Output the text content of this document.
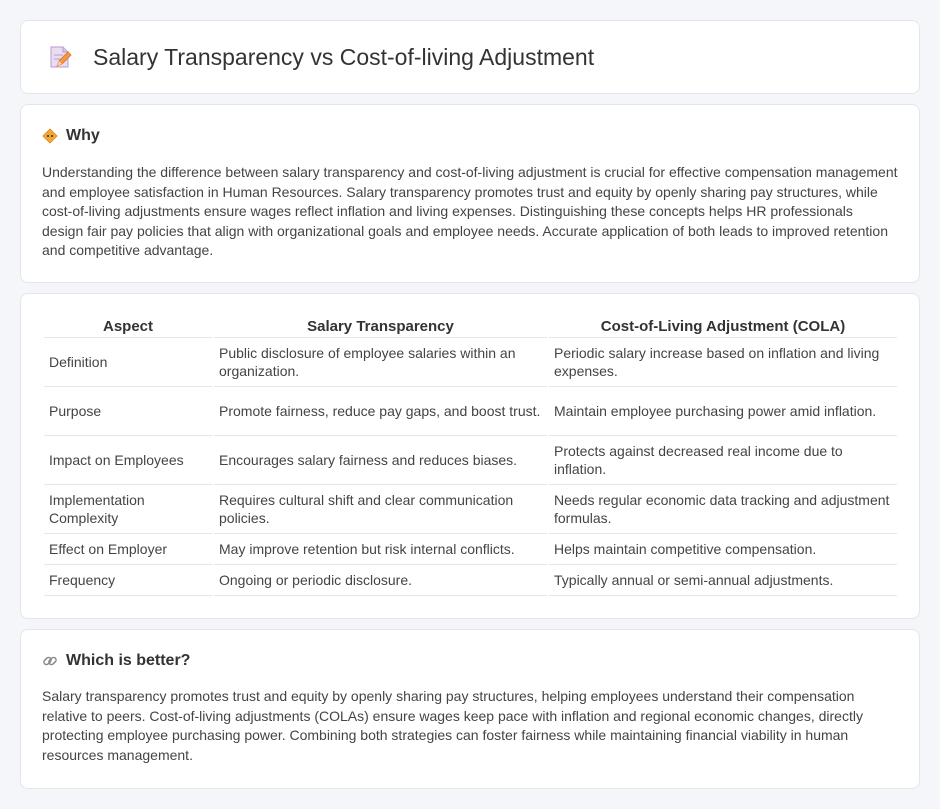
Salary Transparency vs Cost-of-living Adjustment
Why

Understanding the difference between salary transparency and cost-of-living adjustment is crucial for effective compensation management and employee satisfaction in Human Resources. Salary transparency promotes trust and equity by openly sharing pay structures, while cost-of-living adjustments ensure wages reflect inflation and living expenses. Distinguishing these concepts helps HR professionals design fair pay policies that align with organizational goals and employee needs. Accurate application of both leads to improved retention and competitive advantage.

Aspect	Salary Transparency	Cost-of-Living Adjustment (COLA)
Definition	Public disclosure of employee salaries within an organization.	Periodic salary increase based on inflation and living expenses.
Purpose	Promote fairness, reduce pay gaps, and boost trust.	Maintain employee purchasing power amid inflation.
Impact on Employees	Encourages salary fairness and reduces biases.	Protects against decreased real income due to inflation.
Implementation Complexity	Requires cultural shift and clear communication policies.	Needs regular economic data tracking and adjustment formulas.
Effect on Employer	May improve retention but risk internal conflicts.	Helps maintain competitive compensation.
Frequency	Ongoing or periodic disclosure.	Typically annual or semi-annual adjustments.
Which is better?

Salary transparency promotes trust and equity by openly sharing pay structures, helping employees understand their compensation relative to peers. Cost-of-living adjustments (COLAs) ensure wages keep pace with inflation and regional economic changes, directly protecting employee purchasing power. Combining both strategies can foster fairness while maintaining financial viability in human resources management.
